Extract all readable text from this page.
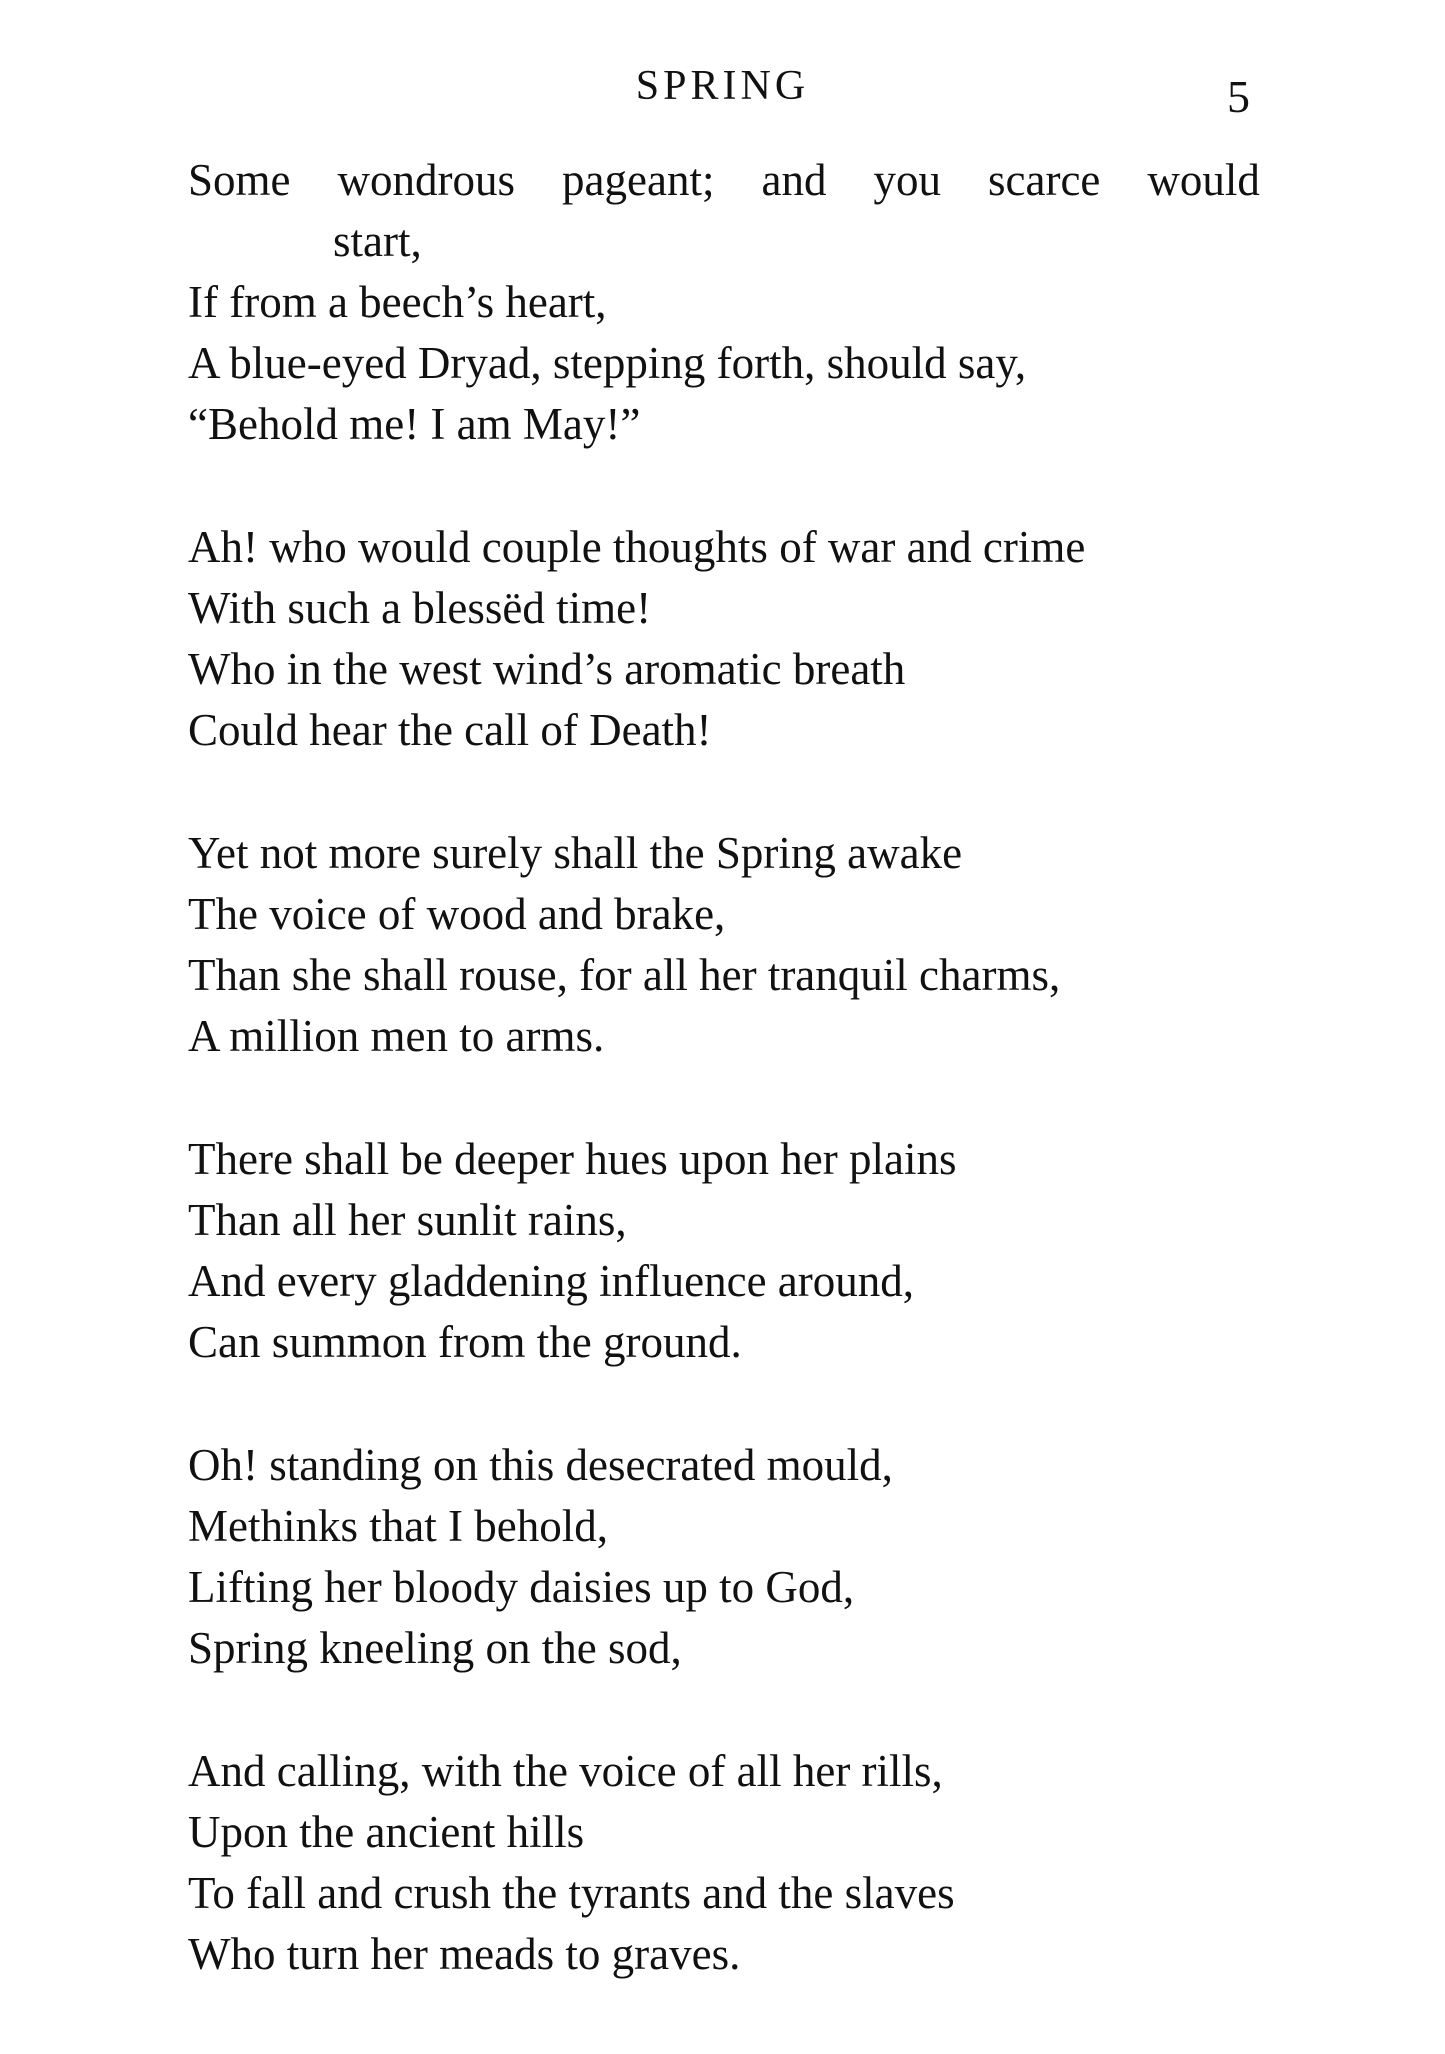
SPRING	5
Some wondrous pageant; and you scarce would
start,
If from a beech’s heart,
A blue-eyed Dryad, stepping forth, should say,
“Behold me! I am May!”
Ah! who would couple thoughts of war and crime
With such a blessëd time!
Who in the west wind’s aromatic breath
Could hear the call of Death!
Yet not more surely shall the Spring awake
The voice of wood and brake,
Than she shall rouse, for all her tranquil charms,
A million men to arms.
There shall be deeper hues upon her plains
Than all her sunlit rains,
And every gladdening influence around,
Can summon from the ground.
Oh! standing on this desecrated mould,
Methinks that I behold,
Lifting her bloody daisies up to God,
Spring kneeling on the sod,
And calling, with the voice of all her rills,
Upon the ancient hills
To fall and crush the tyrants and the slaves
Who turn her meads to graves.
